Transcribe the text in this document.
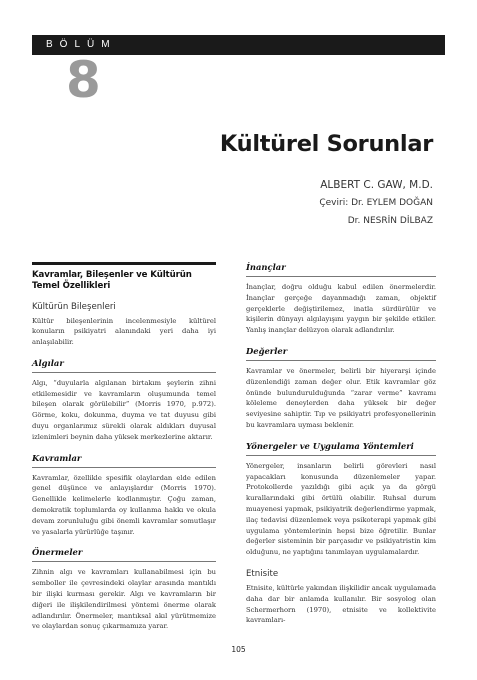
BÖLÜM
8
Kültürel Sorunlar
ALBERT C. GAW, M.D.
Çeviri: Dr. EYLEM DOĞAN
Dr. NESRİN DİLBAZ
Kavramlar, Bileşenler ve Kültürün Temel Özellikleri
Kültürün Bileşenleri
Kültür bileşenlerinin incelenmesiyle kültürel konuların psikiyatri alanındaki yeri daha iyi anlaşılabilir.
Algılar
Algı, “duyularla algılanan birtakım şeylerin zihni etkilemesidir ve kavramların oluşumunda temel bileşen olarak görülebilir” (Morris 1970, p.972). Görme, koku, dokunma, duyma ve tat duyusu gibi duyu organlarımız sürekli olarak aldıkları duyusal izlenimleri beynin daha yüksek merkezlerine aktarır.
Kavramlar
Kavramlar, özellikle spesifik olaylardan elde edilen genel düşünce ve anlayışlardır (Morris 1970). Genellikle kelimelerle kodlanmıştır. Çoğu zaman, demokratik toplumlarda oy kullanma hakkı ve okula devam zorunluluğu gibi önemli kavramlar somutlaşır ve yasalarla yürürlüğe taşınır.
Önermeler
Zihnin algı ve kavramları kullanabilmesi için bu semboller ile çevresindeki olaylar arasında mantıklı bir ilişki kurması gerekir. Algı ve kavramların bir diğeri ile ilişkilendirilmesi yöntemi önerme olarak adlandırılır. Önermeler, mantıksal akıl yürütmemize ve olaylardan sonuç çıkarmamıza yarar.
İnançlar
İnançlar, doğru olduğu kabul edilen önermelerdir. İnançlar gerçeğe dayanmadığı zaman, objektif gerçeklerle değiştirilemez, inatla sürdürülür ve kişilerin dünyayı algılayışını yaygın bir şekilde etkiler. Yanlış inançlar delüzyon olarak adlandırılır.
Değerler
Kavramlar ve önermeler, belirli bir hiyerarşi içinde düzenlendiği zaman değer olur. Etik kavramlar göz önünde bulundurulduğunda “zarar verme” kavramı köleleme deneylerden daha yüksek bir değer seviyesine sahiptir. Tıp ve psikiyatri profesyonellerinin bu kavramlara uyması beklenir.
Yönergeler ve Uygulama Yöntemleri
Yönergeler, insanların belirli görevleri nasıl yapacakları konusunda düzenlemeler yapar. Protokollerde yazıldığı gibi açık ya da görgü kurallarındaki gibi örtülü olabilir. Ruhsal durum muayenesi yapmak, psikiyatrik değerlendirme yapmak, ilaç tedavisi düzenlemek veya psikoterapi yapmak gibi uygulama yöntemlerinin hepsi bize öğretilir. Bunlar değerler sisteminin bir parçasıdır ve psikiyatristin kim olduğunu, ne yaptığını tanımlayan uygulamalardır.
Etnisite
Etnisite, kültürle yakından ilişkilidir ancak uygulamada daha dar bir anlamda kullanılır. Bir sosyolog olan Schermerhorn (1970), etnisite ve kollektivite kavramları-
105
